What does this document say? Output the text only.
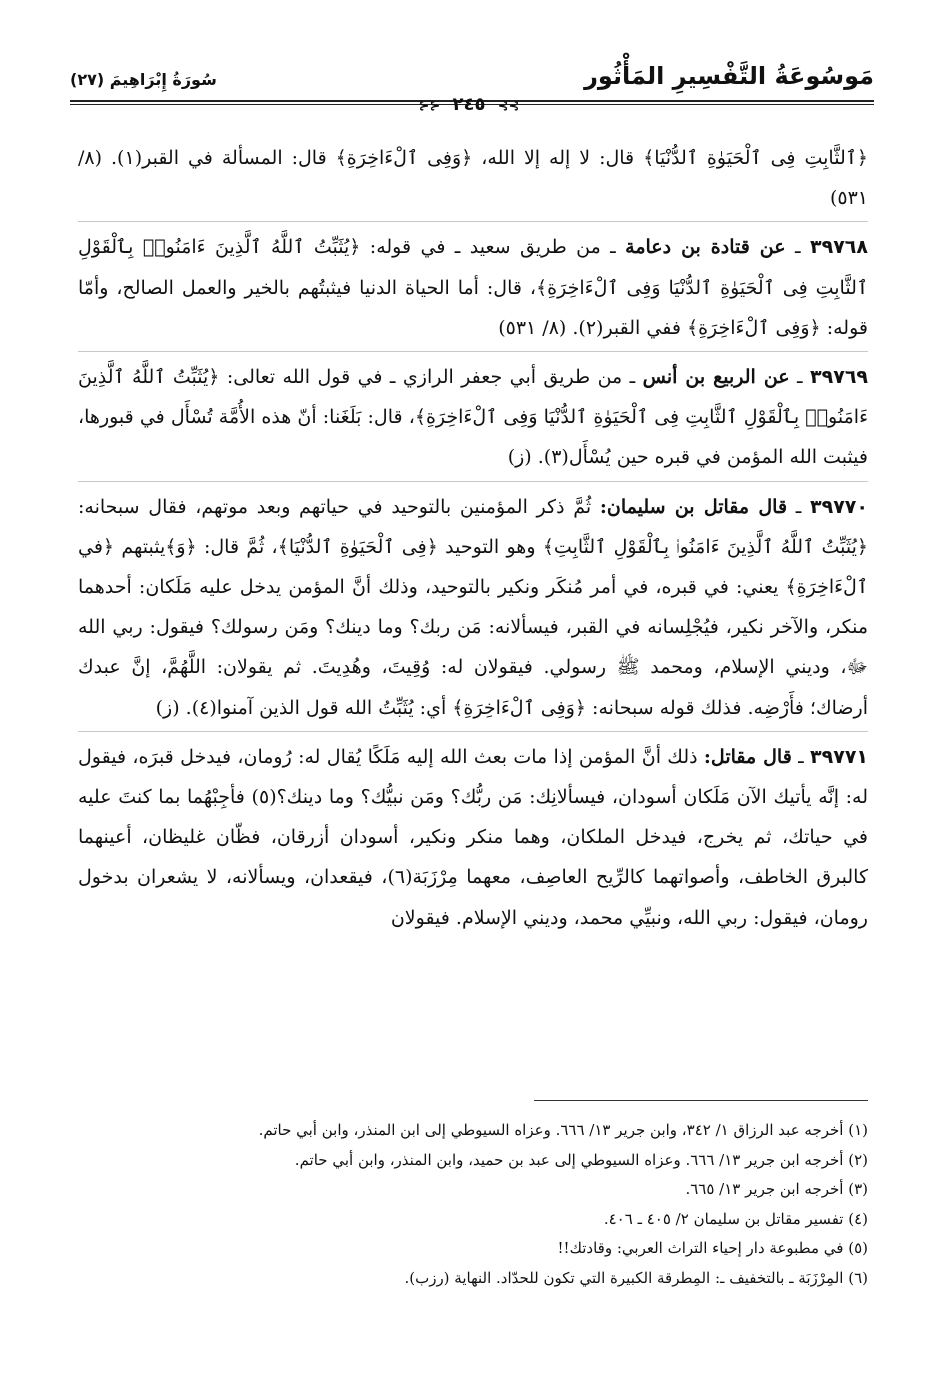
مَوسُوعَةُ التَّفْسِيرِ المَأْثُور
سُورَةُ إِبْرَاهِيمَ (٢٧)
⊱⊱ ٢٤٥ ⊰⊰

﴿ٱلثَّابِتِ فِى ٱلْحَيَوٰةِ ٱلدُّنْيَا﴾ قال: لا إله إلا الله، ﴿وَفِى ٱلْءَاخِرَةِ﴾ قال: المسألة في القبر(١). (٨/ ٥٣١)

٣٩٧٦٨ ـ عن قتادة بن دعامة ـ من طريق سعيد ـ في قوله: ﴿يُثَبِّتُ ٱللَّهُ ٱلَّذِينَ ءَامَنُوا۟ بِٱلْقَوْلِ ٱلثَّابِتِ فِى ٱلْحَيَوٰةِ ٱلدُّنْيَا وَفِى ٱلْءَاخِرَةِ﴾، قال: أما الحياة الدنيا فيثبتُهم بالخير والعمل الصالح، وأمّا قوله: ﴿وَفِى ٱلْءَاخِرَةِ﴾ ففي القبر(٢). (٨/ ٥٣١)

٣٩٧٦٩ ـ عن الربيع بن أنس ـ من طريق أبي جعفر الرازي ـ في قول الله تعالى: ﴿يُثَبِّتُ ٱللَّهُ ٱلَّذِينَ ءَامَنُوا۟ بِٱلْقَوْلِ ٱلثَّابِتِ فِى ٱلْحَيَوٰةِ ٱلدُّنْيَا وَفِى ٱلْءَاخِرَةِ﴾، قال: بَلَغَنا: أنّ هذه الأُمَّة تُسْأَل في قبورها، فيثبت الله المؤمن في قبره حين يُسْأَل(٣). (ز)

٣٩٧٧٠ ـ قال مقاتل بن سليمان: ثُمَّ ذكر المؤمنين بالتوحيد في حياتهم وبعد موتهم، فقال سبحانه: ﴿يُثَبِّتُ ٱللَّهُ ٱلَّذِينَ ءَامَنُوا۟ بِٱلْقَوْلِ ٱلثَّابِتِ﴾ وهو التوحيد ﴿فِى ٱلْحَيَوٰةِ ٱلدُّنْيَا﴾، ثُمَّ قال: ﴿وَ﴾يثبتهم ﴿في ٱلْءَاخِرَةِ﴾ يعني: في قبره، في أمر مُنكَر ونكير بالتوحيد، وذلك أنَّ المؤمن يدخل عليه مَلَكان: أحدهما منكر، والآخر نكير، فيُجْلِسانه في القبر، فيسألانه: مَن ربك؟ وما دينك؟ ومَن رسولك؟ فيقول: ربي الله ﷻ، وديني الإسلام، ومحمد ﷺ رسولي. فيقولان له: وُقِيتَ، وهُدِيتَ. ثم يقولان: اللَّهُمَّ، إنَّ عبدك أرضاك؛ فأَرْضِه. فذلك قوله سبحانه: ﴿وَفِى ٱلْءَاخِرَةِ﴾ أي: يُثَبِّتُ الله قول الذين آمنوا(٤). (ز)

٣٩٧٧١ ـ قال مقاتل: ذلك أنَّ المؤمن إذا مات بعث الله إليه مَلَكًا يُقال له: رُومان، فيدخل قبرَه، فيقول له: إنَّه يأتيك الآن مَلَكان أسودان، فيسألانِك: مَن ربُّك؟ ومَن نبيُّك؟ وما دينك؟(٥) فأجِبْهُما بما كنتَ عليه في حياتك، ثم يخرج، فيدخل الملكان، وهما منكر ونكير، أسودان أزرقان، فظّان غليظان، أعينهما كالبرق الخاطف، وأصواتهما كالرِّيح العاصِف، معهما مِرْزَبَة(٦)، فيقعدان، ويسألانه، لا يشعران بدخول رومان، فيقول: ربي الله، ونبيِّي محمد، وديني الإسلام. فيقولان

(١) أخرجه عبد الرزاق ١/ ٣٤٢، وابن جرير ١٣/ ٦٦٦. وعزاه السيوطي إلى ابن المنذر، وابن أبي حاتم.

(٢) أخرجه ابن جرير ١٣/ ٦٦٦. وعزاه السيوطي إلى عبد بن حميد، وابن المنذر، وابن أبي حاتم.

(٣) أخرجه ابن جرير ١٣/ ٦٦٥.

(٤) تفسير مقاتل بن سليمان ٢/ ٤٠٥ ـ ٤٠٦.

(٥) في مطبوعة دار إحياء التراث العربي: وقادتك!!

(٦) المِرْزَبَة ـ بالتخفيف ـ: المِطرقة الكبيرة التي تكون للحدّاد. النهاية (رزب).
